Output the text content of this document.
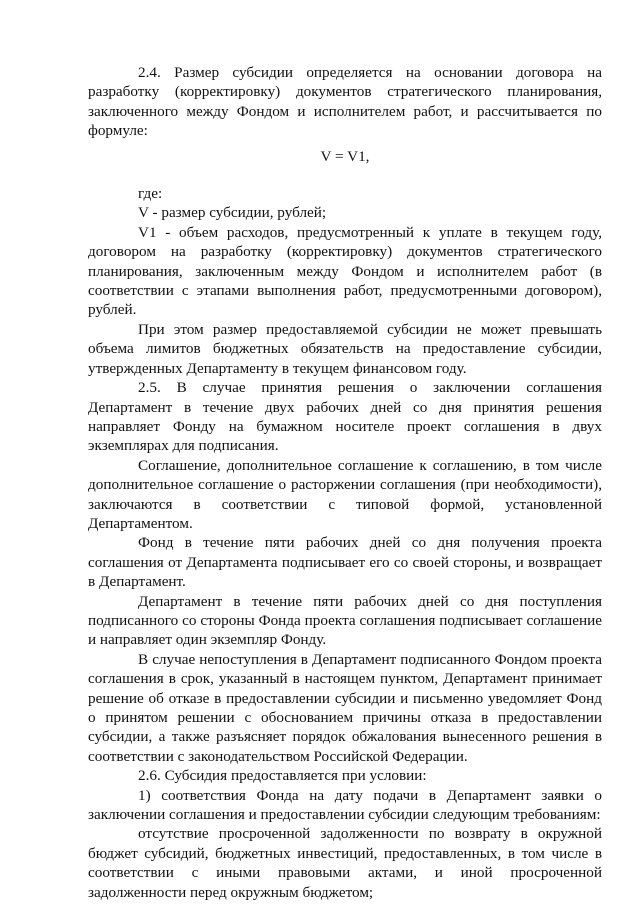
2.4. Размер субсидии определяется на основании договора на разработку (корректировку) документов стратегического планирования, заключенного между Фондом и исполнителем работ, и рассчитывается по формуле:

V = V1,

где:

V - размер субсидии, рублей;

V1 - объем расходов, предусмотренный к уплате в текущем году, договором на разработку (корректировку) документов стратегического планирования, заключенным между Фондом и исполнителем работ (в соответствии с этапами выполнения работ, предусмотренными договором), рублей.

При этом размер предоставляемой субсидии не может превышать объема лимитов бюджетных обязательств на предоставление субсидии, утвержденных Департаменту в текущем финансовом году.

2.5. В случае принятия решения о заключении соглашения Департамент в течение двух рабочих дней со дня принятия решения направляет Фонду на бумажном носителе проект соглашения в двух экземплярах для подписания.

Соглашение, дополнительное соглашение к соглашению, в том числе дополнительное соглашение о расторжении соглашения (при необходимости), заключаются в соответствии с типовой формой, установленной Департаментом.

Фонд в течение пяти рабочих дней со дня получения проекта соглашения от Департамента подписывает его со своей стороны, и возвращает в Департамент.

Департамент в течение пяти рабочих дней со дня поступления подписанного со стороны Фонда проекта соглашения подписывает соглашение и направляет один экземпляр Фонду.

В случае непоступления в Департамент подписанного Фондом проекта соглашения в срок, указанный в настоящем пунктом, Департамент принимает решение об отказе в предоставлении субсидии и письменно уведомляет Фонд о принятом решении с обоснованием причины отказа в предоставлении субсидии, а также разъясняет порядок обжалования вынесенного решения в соответствии с законодательством Российской Федерации.

2.6. Субсидия предоставляется при условии:

1) соответствия Фонда на дату подачи в Департамент заявки о заключении соглашения и предоставлении субсидии следующим требованиям:

отсутствие просроченной задолженности по возврату в окружной бюджет субсидий, бюджетных инвестиций, предоставленных, в том числе в соответствии с иными правовыми актами, и иной просроченной задолженности перед окружным бюджетом;
